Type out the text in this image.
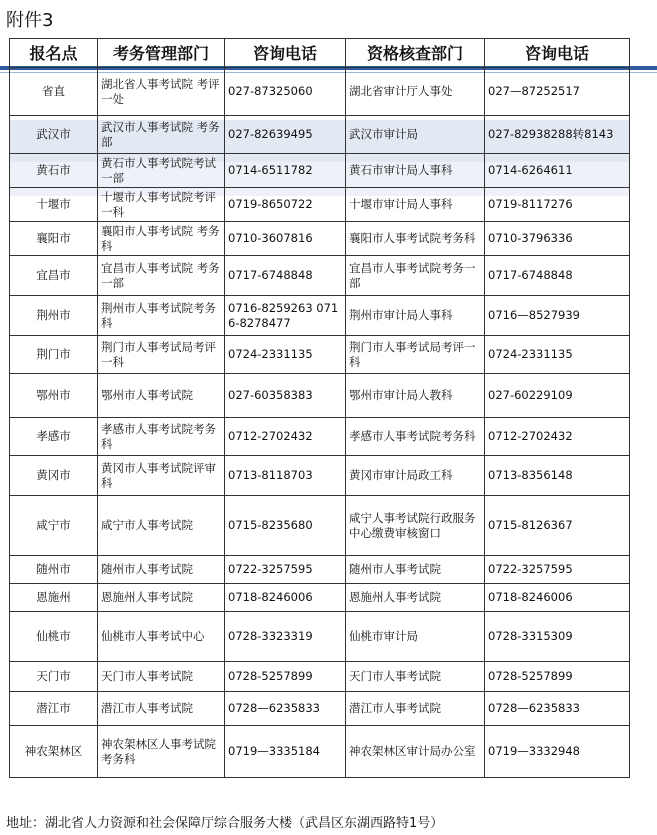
附件3
报名点	考务管理部门	咨询电话	资格核查部门	咨询电话
省直	湖北省人事考试院 考评一处	027-87325060	湖北省审计厅人事处	027—87252517
武汉市	武汉市人事考试院 考务部	027-82639495	武汉市审计局	027-82938288转8143
黄石市	黄石市人事考试院考试一部	0714-6511782	黄石市审计局人事科	0714-6264611
十堰市	十堰市人事考试院考评一科	0719-8650722	十堰市审计局人事科	0719-8117276
襄阳市	襄阳市人事考试院 考务科	0710-3607816	襄阳市人事考试院考务科	0710-3796336
宜昌市	宜昌市人事考试院 考务一部	0717-6748848	宜昌市人事考试院考务一部	0717-6748848
荆州市	荆州市人事考试院考务科	0716-8259263 0716-8278477	荆州市审计局人事科	0716—8527939
荆门市	荆门市人事考试局考评一科	0724-2331135	荆门市人事考试局考评一科	0724-2331135
鄂州市	鄂州市人事考试院	027-60358383	鄂州市审计局人教科	027-60229109
孝感市	孝感市人事考试院考务科	0712-2702432	孝感市人事考试院考务科	0712-2702432
黄冈市	黄冈市人事考试院评审科	0713-8118703	黄冈市审计局政工科	0713-8356148
咸宁市	咸宁市人事考试院	0715-8235680	咸宁人事考试院行政服务中心缴费审核窗口	0715-8126367
随州市	随州市人事考试院	0722-3257595	随州市人事考试院	0722-3257595
恩施州	恩施州人事考试院	0718-8246006	恩施州人事考试院	0718-8246006
仙桃市	仙桃市人事考试中心	0728-3323319	仙桃市审计局	0728-3315309
天门市	天门市人事考试院	0728-5257899	天门市人事考试院	0728-5257899
潜江市	潜江市人事考试院	0728—6235833	潜江市人事考试院	0728—6235833
神农架林区	神农架林区人事考试院考务科	0719—3335184	神农架林区审计局办公室	0719—3332948
地址：湖北省人力资源和社会保障厅综合服务大楼（武昌区东湖西路特1号）
